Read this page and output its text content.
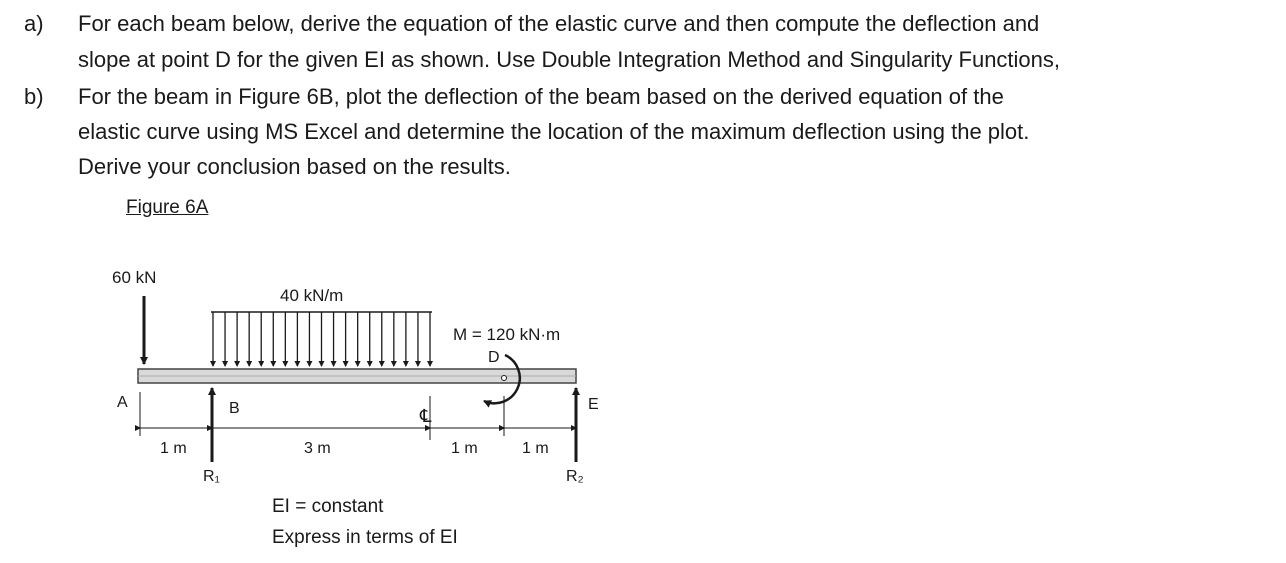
a) For each beam below, derive the equation of the elastic curve and then compute the deflection and
slope at point D for the given EI as shown. Use Double Integration Method and Singularity Functions,
b) For the beam in Figure 6B, plot the deflection of the beam based on the derived equation of the
elastic curve using MS Excel and determine the location of the maximum deflection using the plot.
Derive your conclusion based on the results.
Figure 6A
60 kN
40 kN/m
M = 120 kN·m
D
A	B	E
R₁	R₂
℄
1 m	3 m	1 m	1 m
EI = constant
Express in terms of EI
